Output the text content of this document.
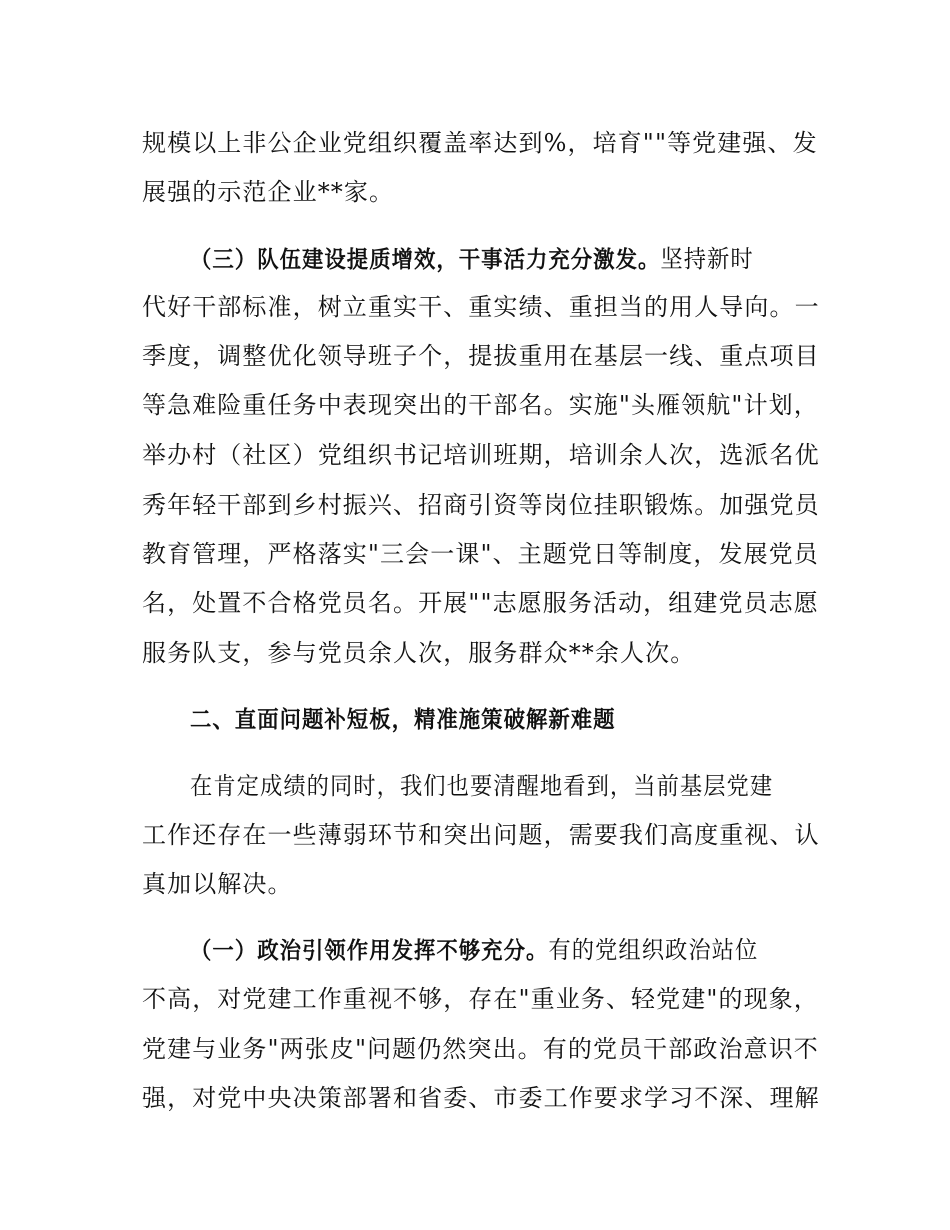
规模以上非公企业党组织覆盖率达到%，培育""等党建强、发
展强的示范企业**家。
（三）队伍建设提质增效，干事活力充分激发。坚持新时
代好干部标准，树立重实干、重实绩、重担当的用人导向。一
季度，调整优化领导班子个，提拔重用在基层一线、重点项目
等急难险重任务中表现突出的干部名。实施"头雁领航"计划，
举办村（社区）党组织书记培训班期，培训余人次，选派名优
秀年轻干部到乡村振兴、招商引资等岗位挂职锻炼。加强党员
教育管理，严格落实"三会一课"、主题党日等制度，发展党员
名，处置不合格党员名。开展""志愿服务活动，组建党员志愿
服务队支，参与党员余人次，服务群众**余人次。
二、直面问题补短板，精准施策破解新难题
在肯定成绩的同时，我们也要清醒地看到，当前基层党建
工作还存在一些薄弱环节和突出问题，需要我们高度重视、认
真加以解决。
（一）政治引领作用发挥不够充分。有的党组织政治站位
不高，对党建工作重视不够，存在"重业务、轻党建"的现象，
党建与业务"两张皮"问题仍然突出。有的党员干部政治意识不
强，对党中央决策部署和省委、市委工作要求学习不深、理解
